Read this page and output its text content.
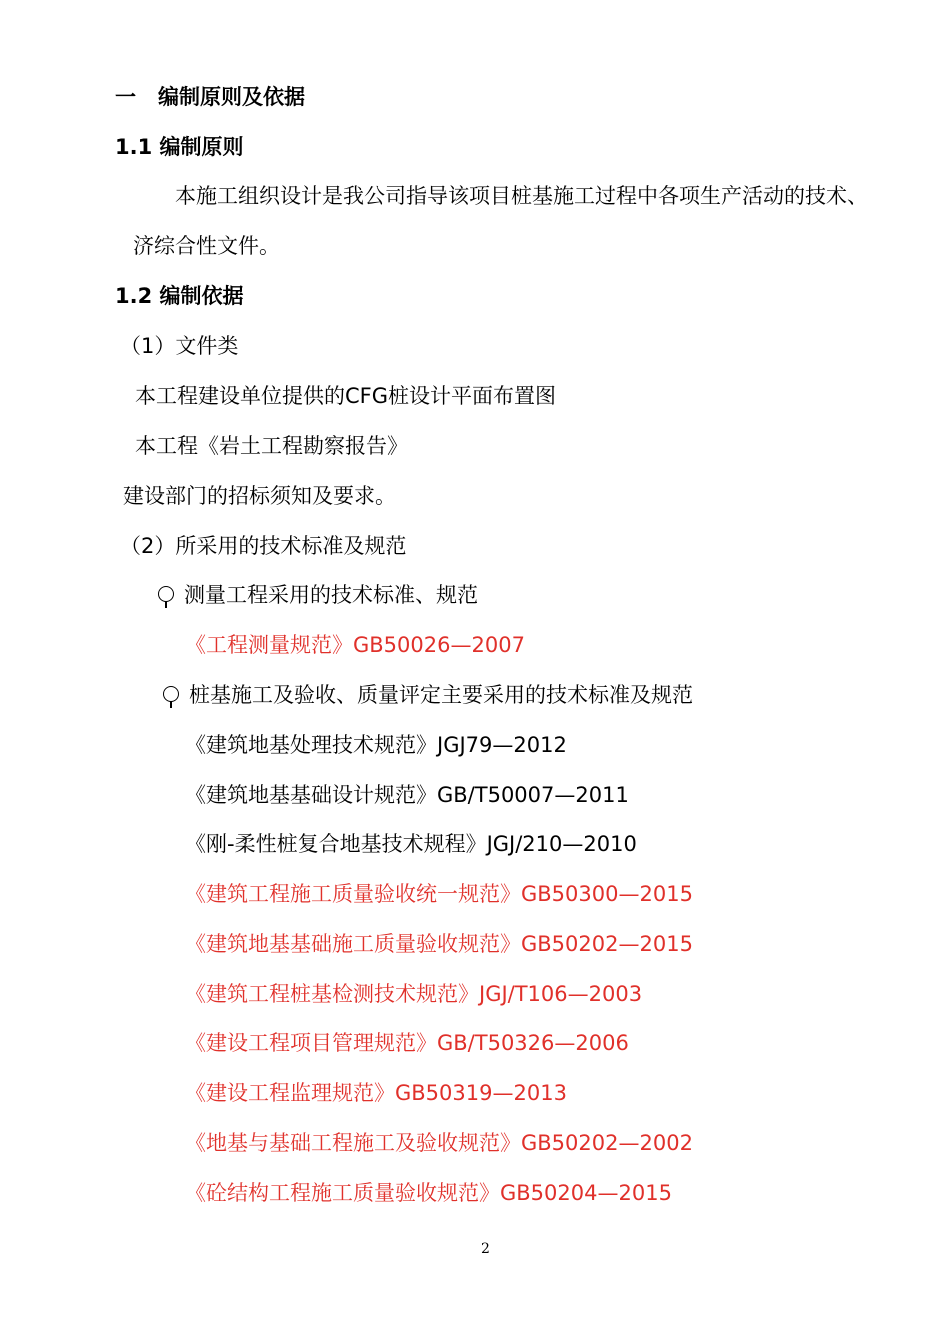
一 编制原则及依据
1.1 编制原则
本施工组织设计是我公司指导该项目桩基施工过程中各项生产活动的技术、
济综合性文件。
1.2 编制依据
（1）文件类
本工程建设单位提供的CFG桩设计平面布置图
本工程《岩土工程勘察报告》
建设部门的招标须知及要求。
（2）所采用的技术标准及规范
测量工程采用的技术标准、规范
《工程测量规范》GB50026—2007
桩基施工及验收、质量评定主要采用的技术标准及规范
《建筑地基处理技术规范》JGJ79—2012
《建筑地基基础设计规范》GB/T50007—2011
《刚-柔性桩复合地基技术规程》JGJ/210—2010
《建筑工程施工质量验收统一规范》GB50300—2015
《建筑地基基础施工质量验收规范》GB50202—2015
《建筑工程桩基检测技术规范》JGJ/T106—2003
《建设工程项目管理规范》GB/T50326—2006
《建设工程监理规范》GB50319—2013
《地基与基础工程施工及验收规范》GB50202—2002
《砼结构工程施工质量验收规范》GB50204—2015
2
